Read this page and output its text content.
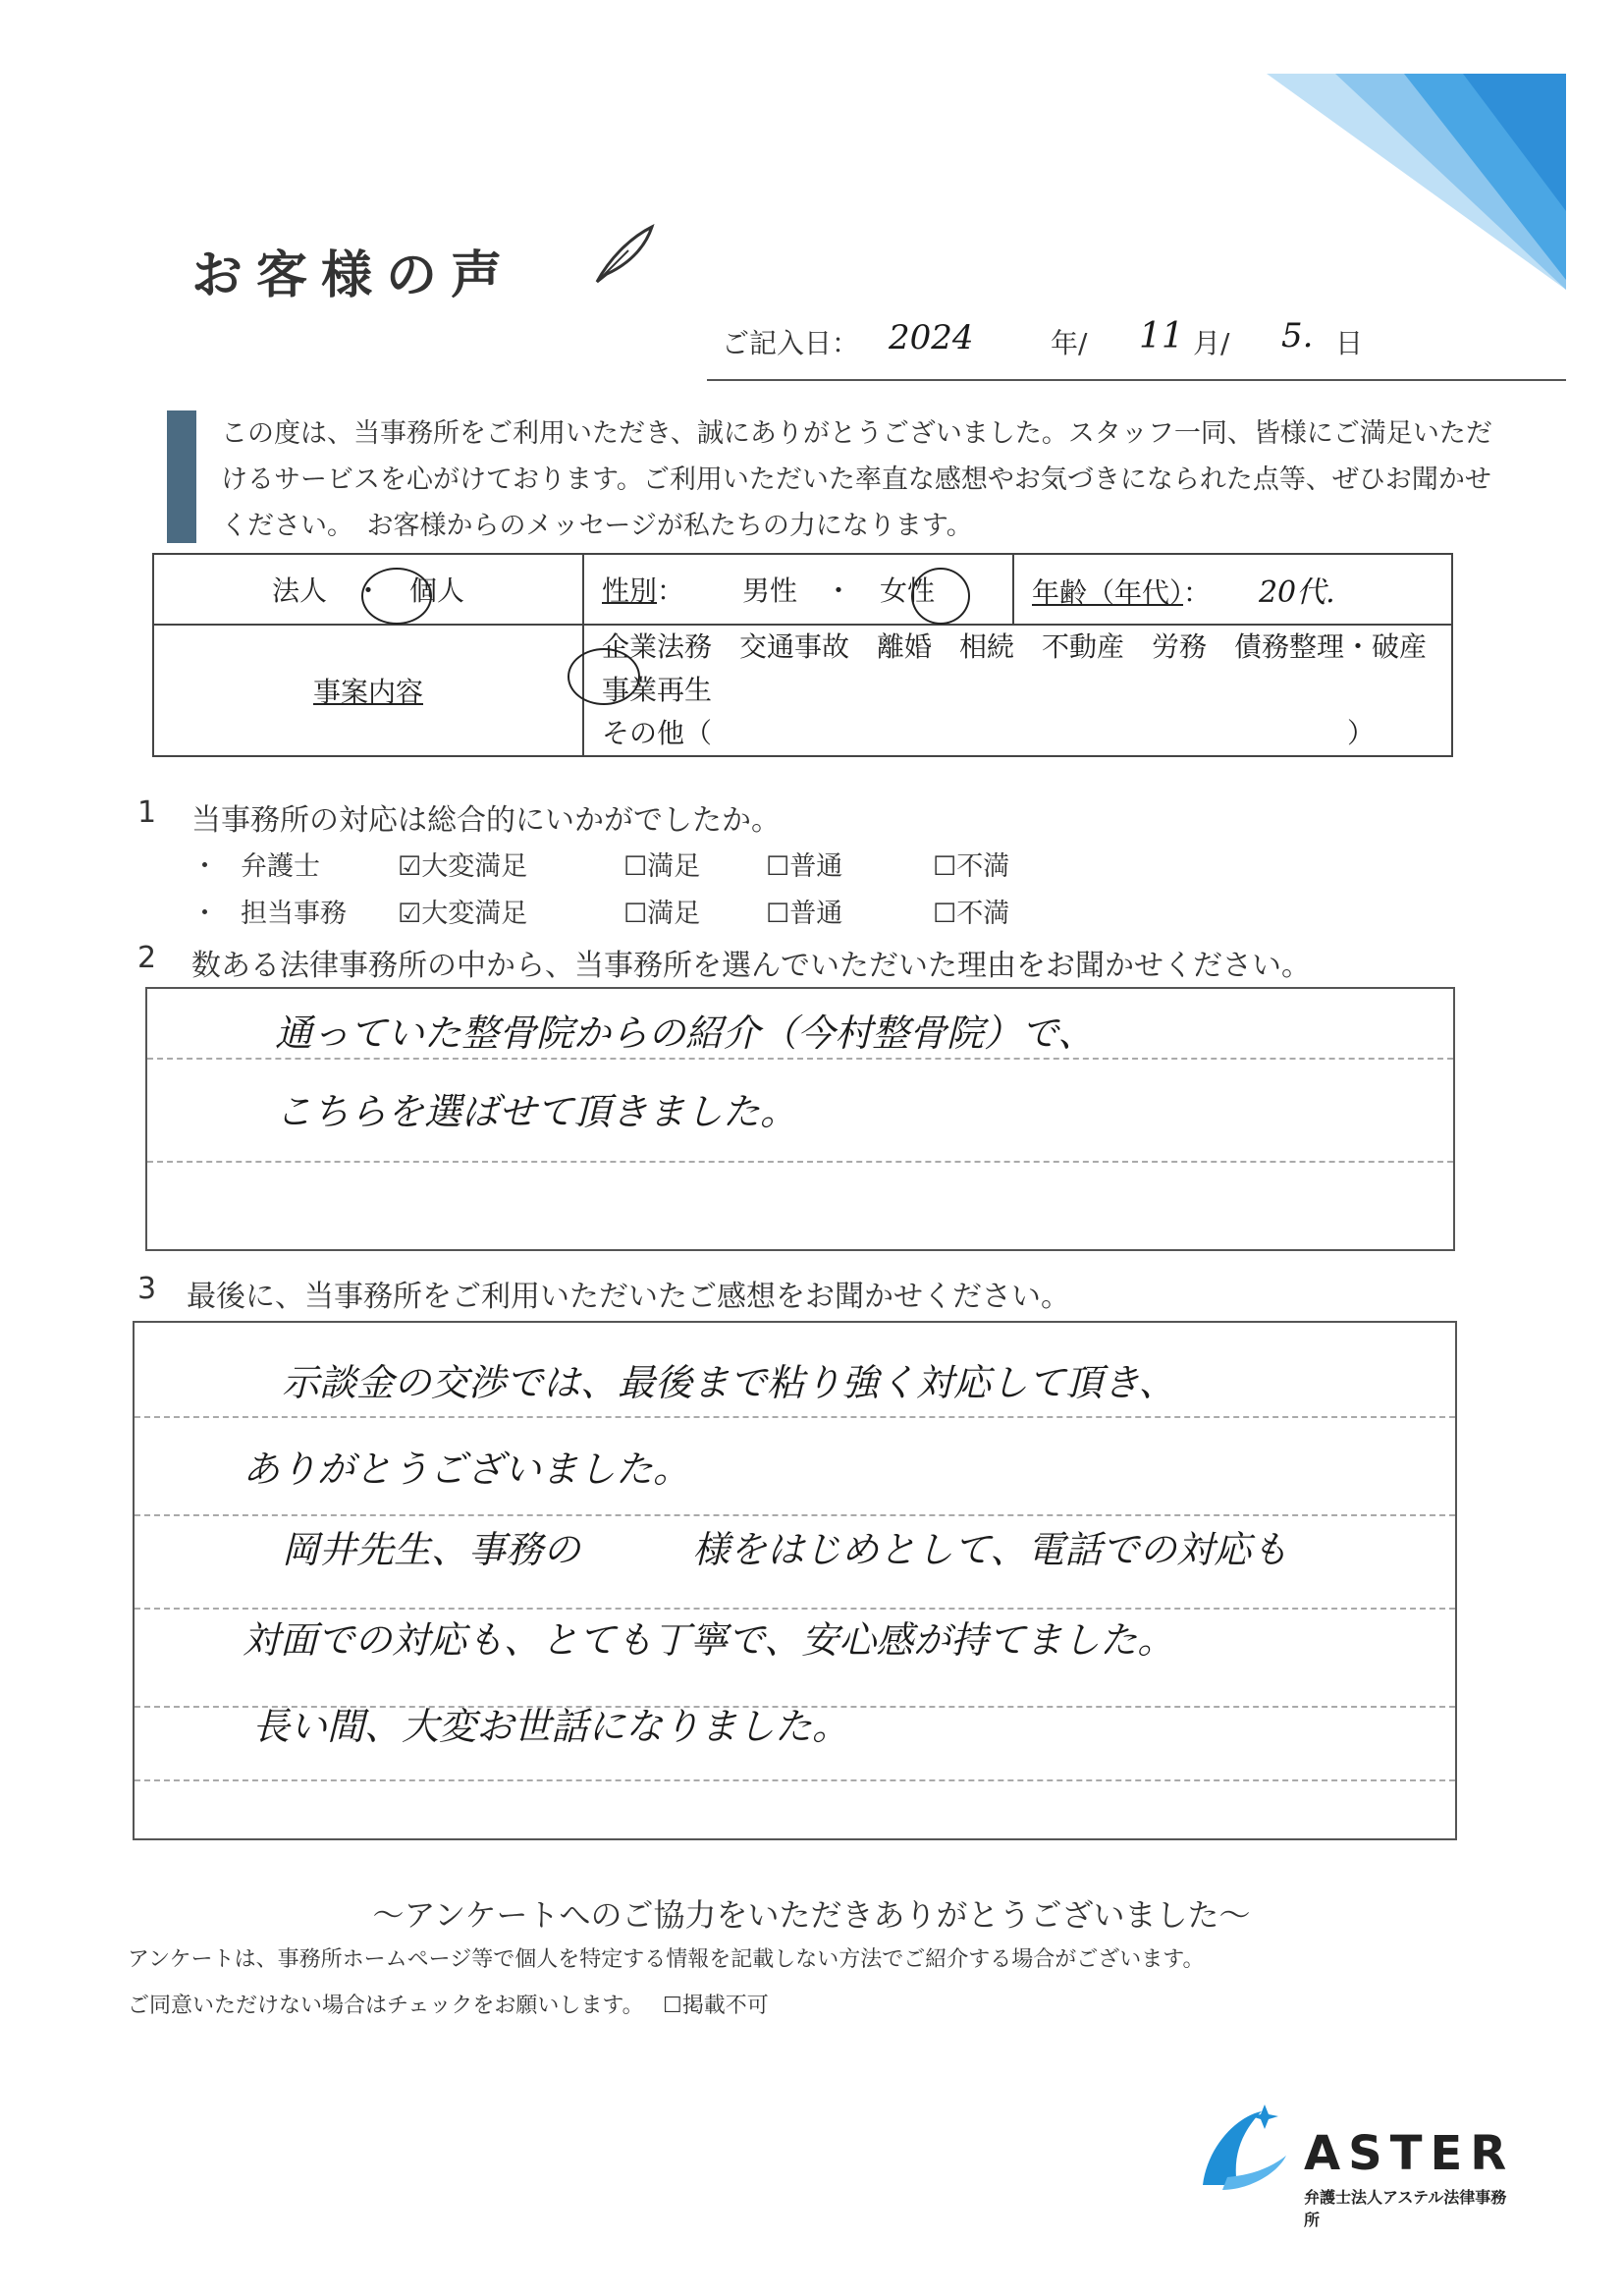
お客様の声
ご記入日： 2024	年/ 11 月/ 5. 日
この度は、当事務所をご利用いただき、誠にありがとうございました。スタッフ一同、皆様にご満足いただけるサービスを心がけております。ご利用いただいた率直な感想やお気づきになられた点等、ぜひお聞かせください。　お客様からのメッセージが私たちの力になります。
法人　・　個人	性別： 男性　・　女性	年齢（年代）： 20代.
事案内容	企業法務　交通事故　離婚　相続　不動産　労務　債務整理・破産　事業再生
その他（ ）	
1 当事務所の対応は総合的にいかがでしたか。
・ 弁護士	☑大変満足	☐満足 ☐普通	☐不満
・ 担当事務 ☑大変満足	☐満足 ☐普通	☐不満
2 数ある法律事務所の中から、当事務所を選んでいただいた理由をお聞かせください。
通っていた整骨院からの紹介（今村整骨院）で、
こちらを選ばせて頂きました。
3 最後に、当事務所をご利用いただいたご感想をお聞かせください。
示談金の交渉では、最後まで粘り強く対応して頂き、
ありがとうございました。
岡井先生、事務の　　　様をはじめとして、電話での対応も
対面での対応も、とても丁寧で、安心感が持てました。
長い間、大変お世話になりました。
〜アンケートへのご協力をいただきありがとうございました〜
アンケートは、事務所ホームページ等で個人を特定する情報を記載しない方法でご紹介する場合がございます。
ご同意いただけない場合はチェックをお願いします。 ☐掲載不可
ASTER
弁護士法人アステル法律事務所
